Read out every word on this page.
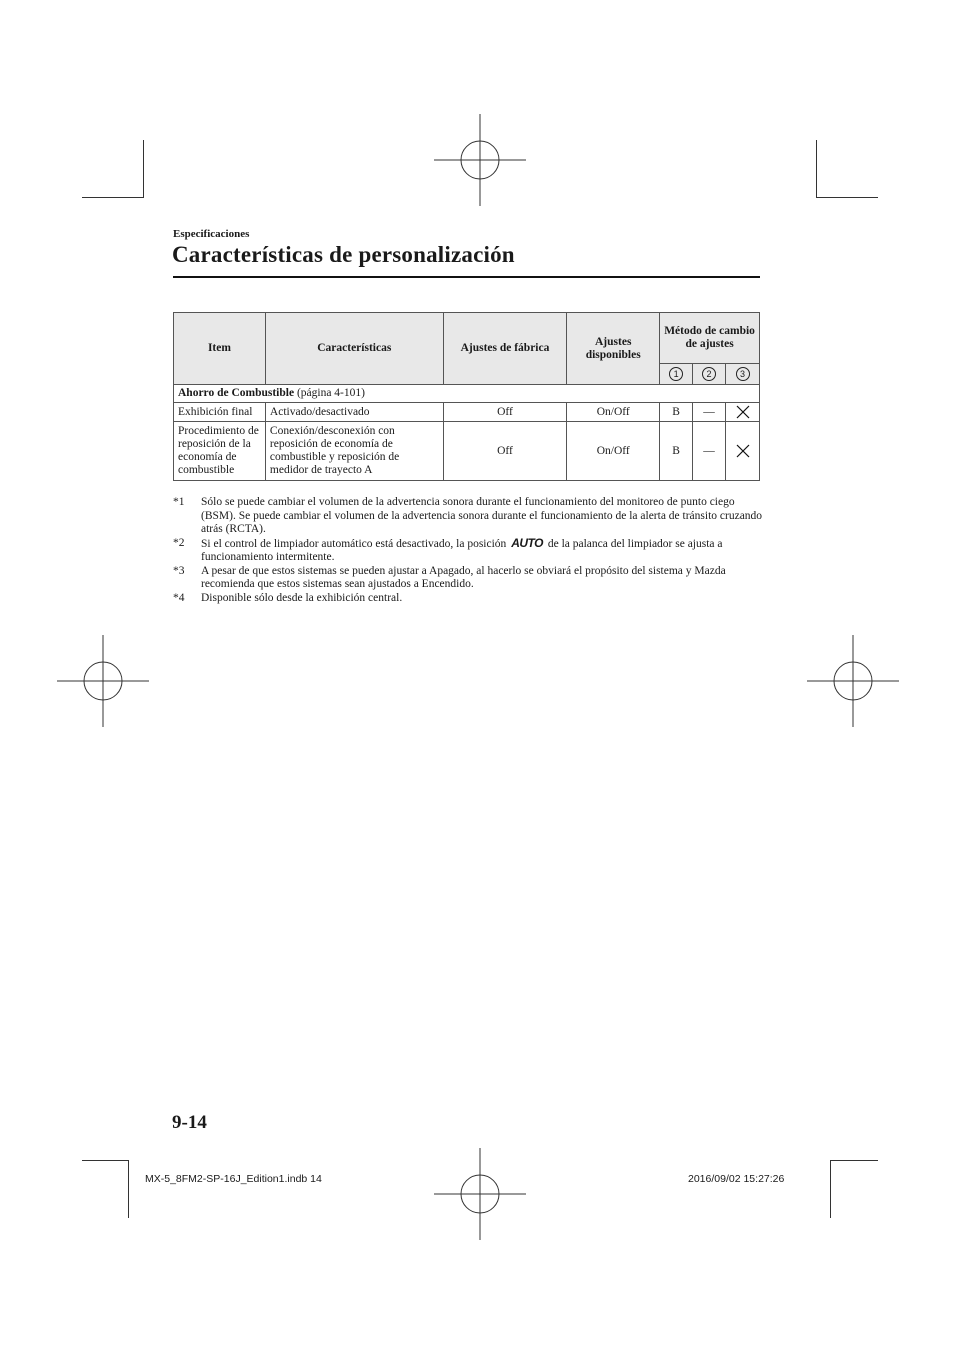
Especificaciones
Características de personalización
Item	Características	Ajustes de fábrica	Ajustes disponibles	Método de cambio de ajustes		
				1	2	3
Ahorro de Combustible (página 4-101)						
Exhibición final	Activado/desactivado	Off	On/Off	B	—	
Procedimiento de reposición de la economía de combustible	Conexión/desconexión con reposición de economía de combustible y reposición de medidor de trayecto A	Off	On/Off	B	—	
*1 Sólo se puede cambiar el volumen de la advertencia sonora durante el funcionamiento del monitoreo de punto ciego (BSM). Se puede cambiar el volumen de la advertencia sonora durante el funcionamiento de la alerta de tránsito cruzando atrás (RCTA).
*2 Si el control de limpiador automático está desactivado, la posición AUTO de la palanca del limpiador se ajusta a funcionamiento intermitente.
*3 A pesar de que estos sistemas se pueden ajustar a Apagado, al hacerlo se obviará el propósito del sistema y Mazda recomienda que estos sistemas sean ajustados a Encendido.
*4 Disponible sólo desde la exhibición central.
9-14
MX-5_8FM2-SP-16J_Edition1.indb 14	2016/09/02 15:27:26
